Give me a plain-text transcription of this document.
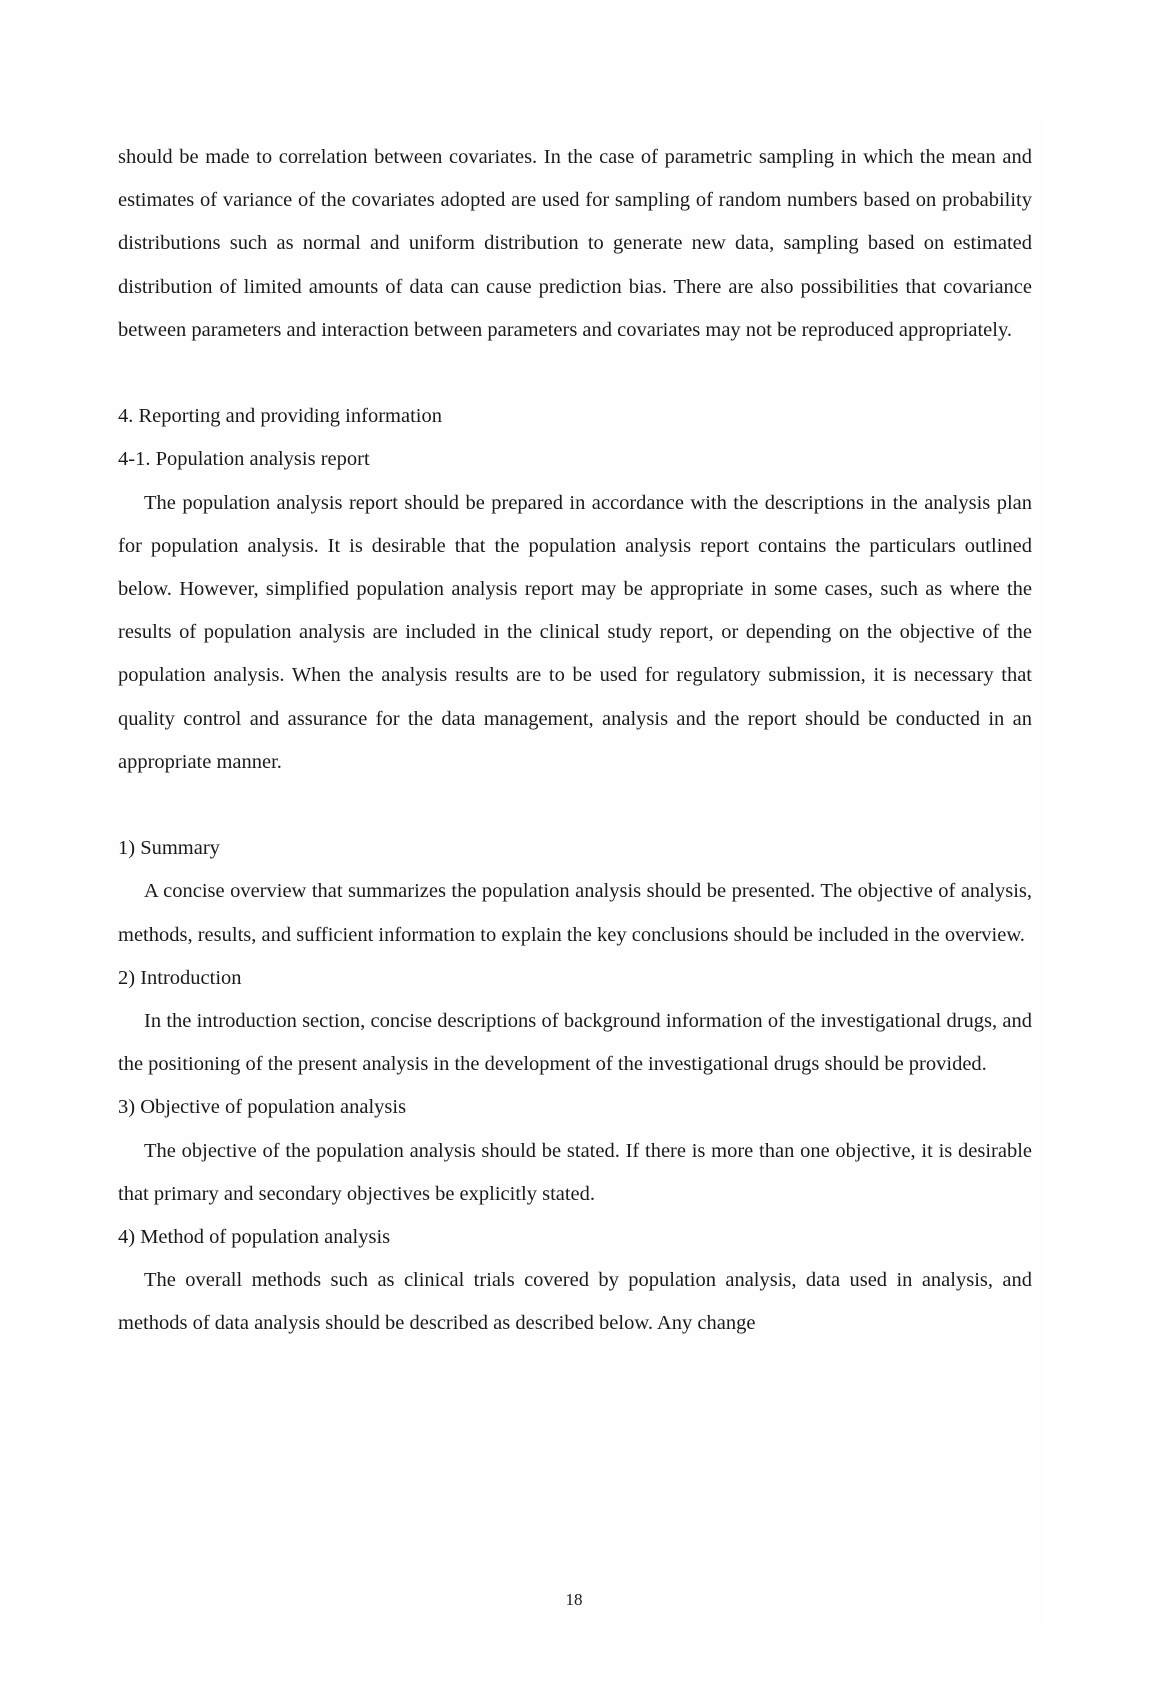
should be made to correlation between covariates. In the case of parametric sampling in which the mean and estimates of variance of the covariates adopted are used for sampling of random numbers based on probability distributions such as normal and uniform distribution to generate new data, sampling based on estimated distribution of limited amounts of data can cause prediction bias. There are also possibilities that covariance between parameters and interaction between parameters and covariates may not be reproduced appropriately.

4. Reporting and providing information

4-1. Population analysis report

The population analysis report should be prepared in accordance with the descriptions in the analysis plan for population analysis. It is desirable that the population analysis report contains the particulars outlined below. However, simplified population analysis report may be appropriate in some cases, such as where the results of population analysis are included in the clinical study report, or depending on the objective of the population analysis. When the analysis results are to be used for regulatory submission, it is necessary that quality control and assurance for the data management, analysis and the report should be conducted in an appropriate manner.

1) Summary

A concise overview that summarizes the population analysis should be presented. The objective of analysis, methods, results, and sufficient information to explain the key conclusions should be included in the overview.

2) Introduction

In the introduction section, concise descriptions of background information of the investigational drugs, and the positioning of the present analysis in the development of the investigational drugs should be provided.

3) Objective of population analysis

The objective of the population analysis should be stated. If there is more than one objective, it is desirable that primary and secondary objectives be explicitly stated.

4) Method of population analysis

The overall methods such as clinical trials covered by population analysis, data used in analysis, and methods of data analysis should be described as described below. Any change

18
